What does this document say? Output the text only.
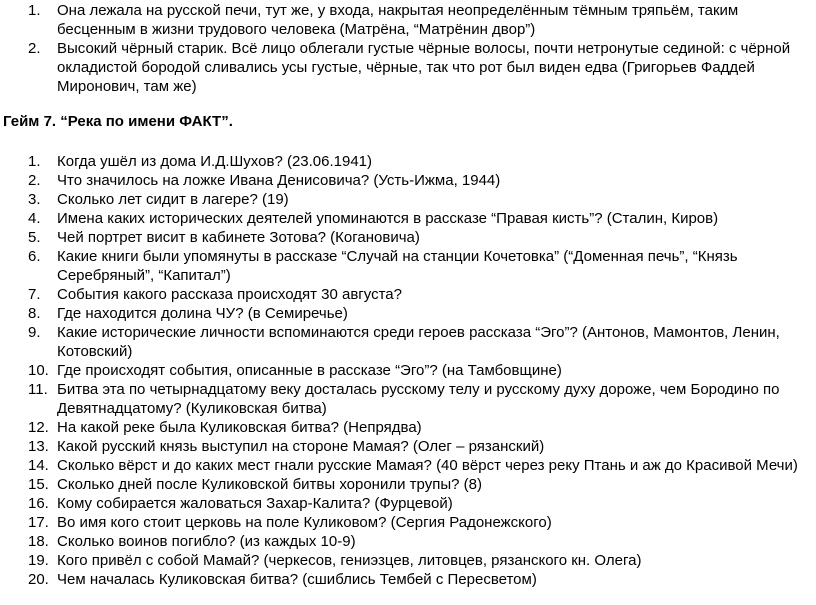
1.	Она лежала на русской печи, тут же, у входа, накрытая неопределённым тёмным тряпьём, таким бесценным в жизни трудового человека (Матрёна, “Матрёнин двор”)
2.	Высокий чёрный старик. Всё лицо облегали густые чёрные волосы, почти нетронутые сединой: с чёрной окладистой бородой сливались усы густые, чёрные, так что рот был виден едва (Григорьев Фаддей Миронович, там же)
Гейм 7. “Река по имени ФАКТ”.
1.	Когда ушёл из дома И.Д.Шухов? (23.06.1941)
2.	Что значилось на ложке Ивана Денисовича? (Усть-Ижма, 1944)
3.	Сколько лет сидит в лагере? (19)
4.	Имена каких исторических деятелей упоминаются в рассказе “Правая кисть”? (Сталин, Киров)
5.	Чей портрет висит в кабинете Зотова? (Когановича)
6.	Какие книги были упомянуты в рассказе “Случай на станции Кочетовка” (“Доменная печь”, “Князь Серебряный”, “Капитал”)
7.	События какого рассказа происходят 30 августа?
8.	Где находится долина ЧУ? (в Семиречье)
9.	Какие исторические личности вспоминаются среди героев рассказа “Эго”? (Антонов, Мамонтов, Ленин, Котовский)
10. Где происходят события, описанные в рассказе “Эго”? (на Тамбовщине)
11. Битва эта по четырнадцатому веку досталась русскому телу и русскому духу дороже, чем Бородино по Девятнадцатому? (Куликовская битва)
12. На какой реке была Куликовская битва? (Непрядва)
13. Какой русский князь выступил на стороне Мамая? (Олег – рязанский)
14. Сколько вёрст и до каких мест гнали русские Мамая? (40 вёрст через реку Птань и аж до Красивой Мечи)
15. Сколько дней после Куликовской битвы хоронили трупы? (8)
16. Кому собирается жаловаться Захар-Калита? (Фурцевой)
17. Во имя кого стоит церковь на поле Куликовом? (Сергия Радонежского)
18. Сколько воинов погибло? (из каждых 10-9)
19. Кого привёл с собой Мамай? (черкесов, гениэзцев, литовцев, рязанского кн. Олега)
20. Чем началась Куликовская битва? (сшиблись Тембей с Пересветом)
